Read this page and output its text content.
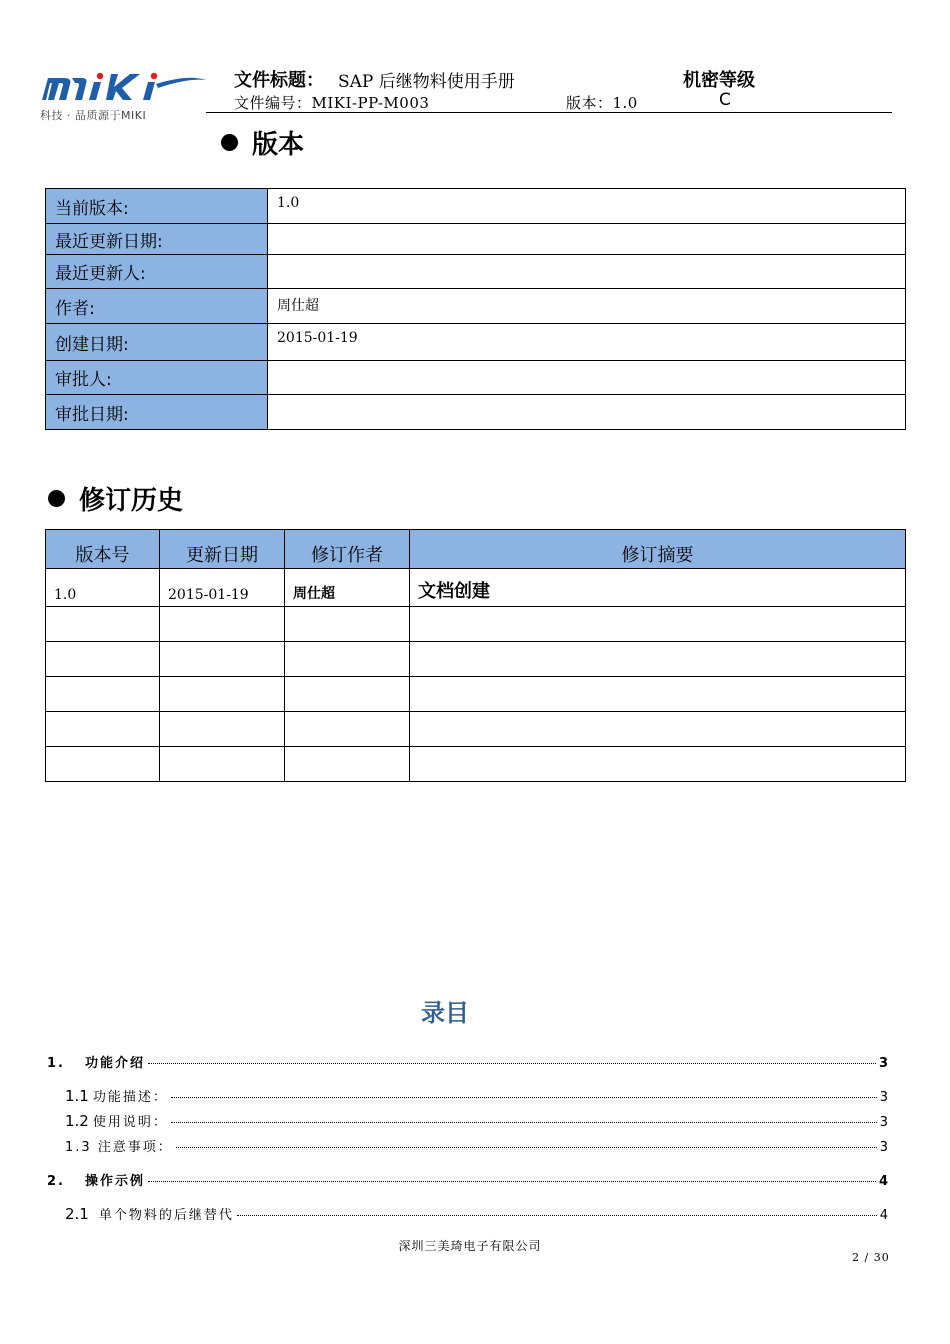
科技 · 品质源于MIKI
文件标题： SAP 后继物料使用手册	机密等级
文件编号：MIKI-PP-M003	版本：1.0	C
版本
当前版本:	1.0
最近更新日期:	
最近更新人:	
作者:	周仕超
创建日期:	2015-01-19
审批人:	
审批日期:	
修订历史
版本号	更新日期	修订作者	修订摘要
1.0	2015-01-19	周仕超	文档创建

录目
1.	功能介绍	3
1.1 功能描述：	3
1.2 使用说明：	3
1.3 注意事项：	3
2.	操作示例	4
2.1 单个物料的后继替代	4
深圳三美琦电子有限公司
2 / 30
